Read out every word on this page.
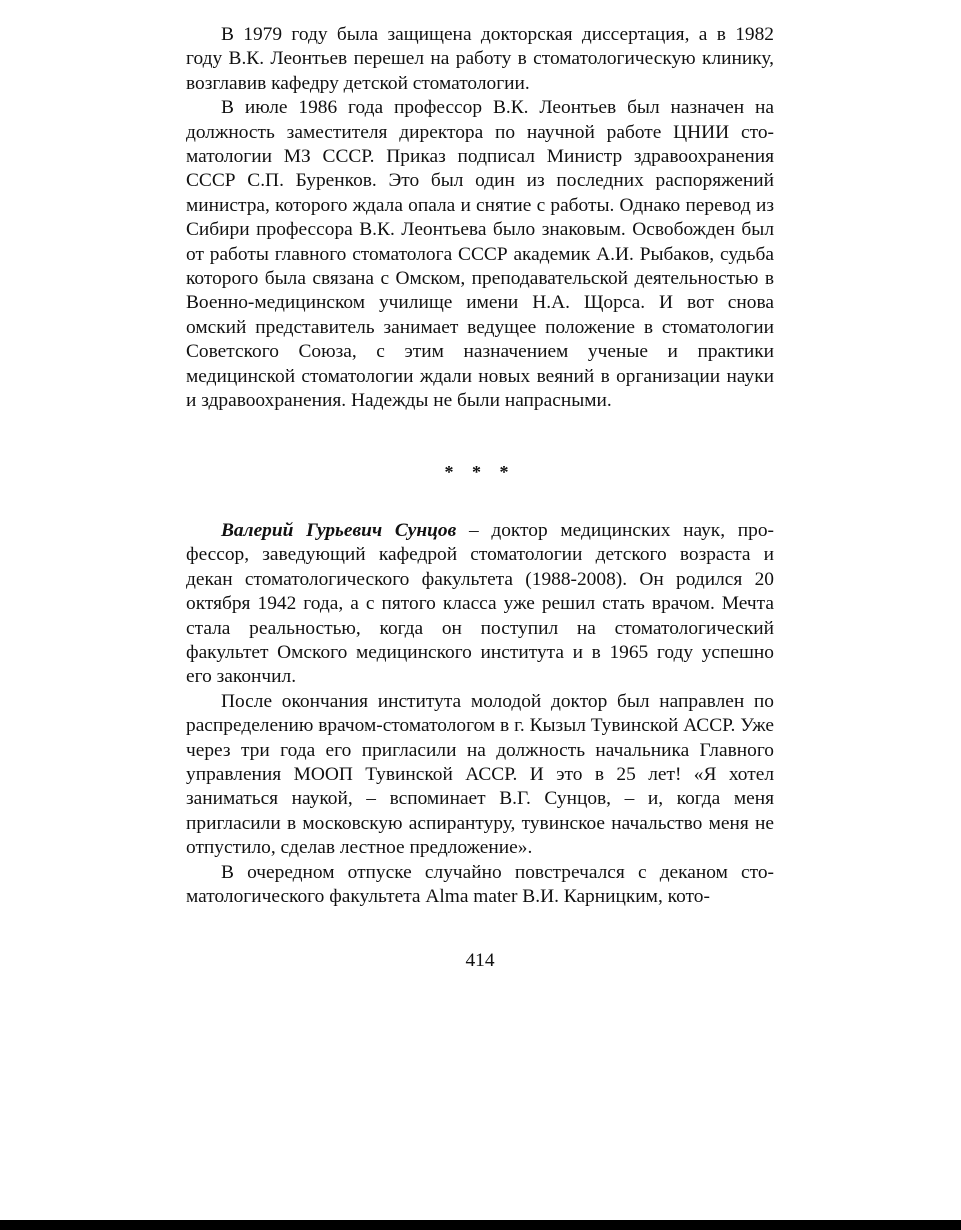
В 1979 году была защищена докторская диссертация, а в 1982 году В.К. Леонтьев перешел на работу в стоматологическую клинику, возглавив кафедру детской стоматологии.

В июле 1986 года профессор В.К. Леонтьев был назначен на должность заместителя директора по научной работе ЦНИИ стоматологии МЗ СССР. Приказ подписал Министр здравоохранения СССР С.П. Буренков. Это был один из последних распоряжений министра, которого ждала опала и снятие с работы. Однако перевод из Сибири профессора В.К. Леонтьева было знаковым. Освобожден был от работы главного стоматолога СССР академик А.И. Рыбаков, судьба которого была связана с Омском, преподавательской деятельностью в Военно-медицинском училище имени Н.А. Щорса. И вот снова омский представитель занимает ведущее положение в стоматологии Советского Союза, с этим назначением ученые и практики медицинской стоматологии ждали новых веяний в организации науки и здравоохранения. Надежды не были напрасными.

* * *

Валерий Гурьевич Сунцов – доктор медицинских наук, профессор, заведующий кафедрой стоматологии детского возраста и декан стоматологического факультета (1988-2008). Он родился 20 октября 1942 года, а с пятого класса уже решил стать врачом. Мечта стала реальностью, когда он поступил на стоматологический факультет Омского медицинского института и в 1965 году успешно его закончил.

После окончания института молодой доктор был направлен по распределению врачом-стоматологом в г. Кызыл Тувинской АССР. Уже через три года его пригласили на должность начальника Главного управления МООП Тувинской АССР. И это в 25 лет! «Я хотел заниматься наукой, – вспоминает В.Г. Сунцов, – и, когда меня пригласили в московскую аспирантуру, тувинское начальство меня не отпустило, сделав лестное предложение».

В очередном отпуске случайно повстречался с деканом стоматологического факультета Alma mater В.И. Карницким, кото-

414
